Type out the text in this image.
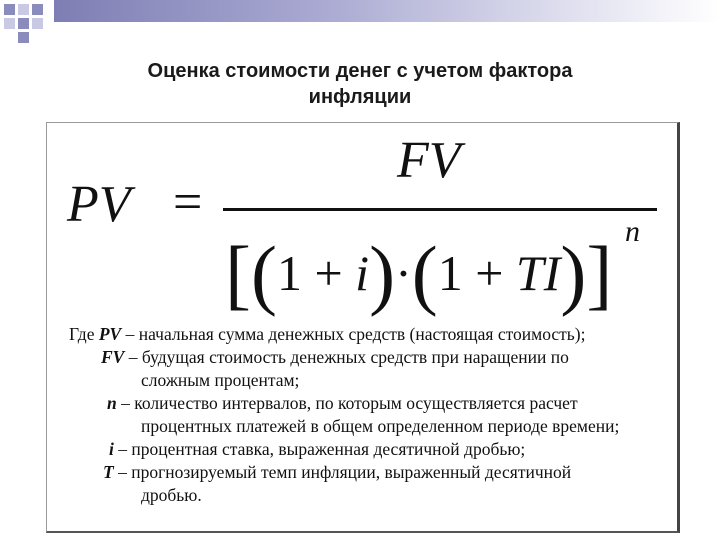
Оценка стоимости денег с учетом фактора
инфляции
PV =
FV
[(1 + i)·(1 + TI)] n
Где PV – начальная сумма денежных средств (настоящая стоимость);
FV – будущая стоимость денежных средств при наращении по
сложным процентам;
n – количество интервалов, по которым осуществляется расчет
процентных платежей в общем определенном периоде времени;
i – процентная ставка, выраженная десятичной дробью;
T – прогнозируемый темп инфляции, выраженный десятичной
дробью.
